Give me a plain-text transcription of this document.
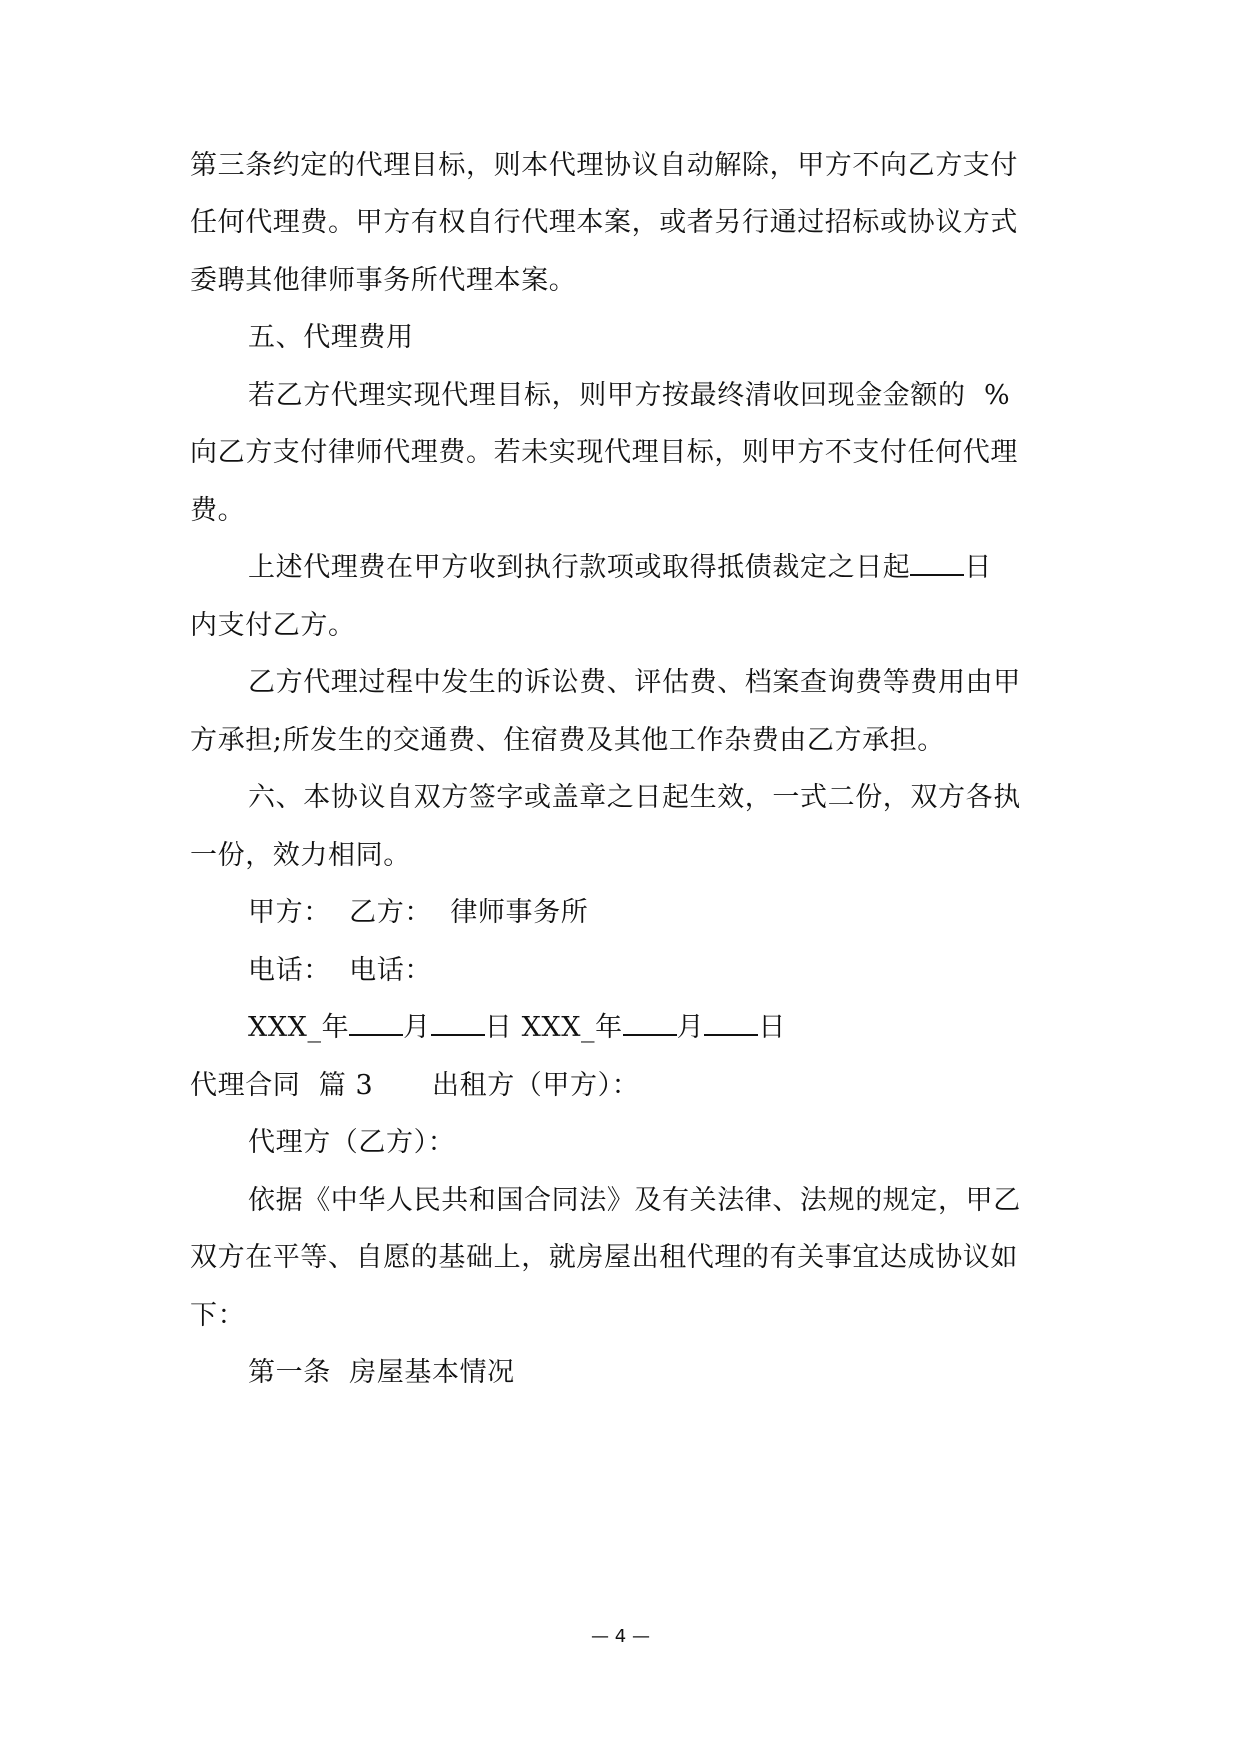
第三条约定的代理目标，则本代理协议自动解除，甲方不向乙方支付
任何代理费。甲方有权自行代理本案，或者另行通过招标或协议方式
委聘其他律师事务所代理本案。
五、代理费用
若乙方代理实现代理目标，则甲方按最终清收回现金金额的  %
向乙方支付律师代理费。若未实现代理目标，则甲方不支付任何代理
费。
上述代理费在甲方收到执行款项或取得抵债裁定之日起 日
内支付乙方。
乙方代理过程中发生的诉讼费、评估费、档案查询费等费用由甲
方承担;所发生的交通费、住宿费及其他工作杂费由乙方承担。
六、本协议自双方签字或盖章之日起生效，一式二份，双方各执
一份，效力相同。
甲方：  乙方：  律师事务所
电话：  电话：
XXX_年 月 日 XXX_年 月 日
代理合同  篇 3 出租方（甲方）：
代理方（乙方）：
依据《中华人民共和国合同法》及有关法律、法规的规定，甲乙
双方在平等、自愿的基础上，就房屋出租代理的有关事宜达成协议如
下：
第一条  房屋基本情况
— 4 —
